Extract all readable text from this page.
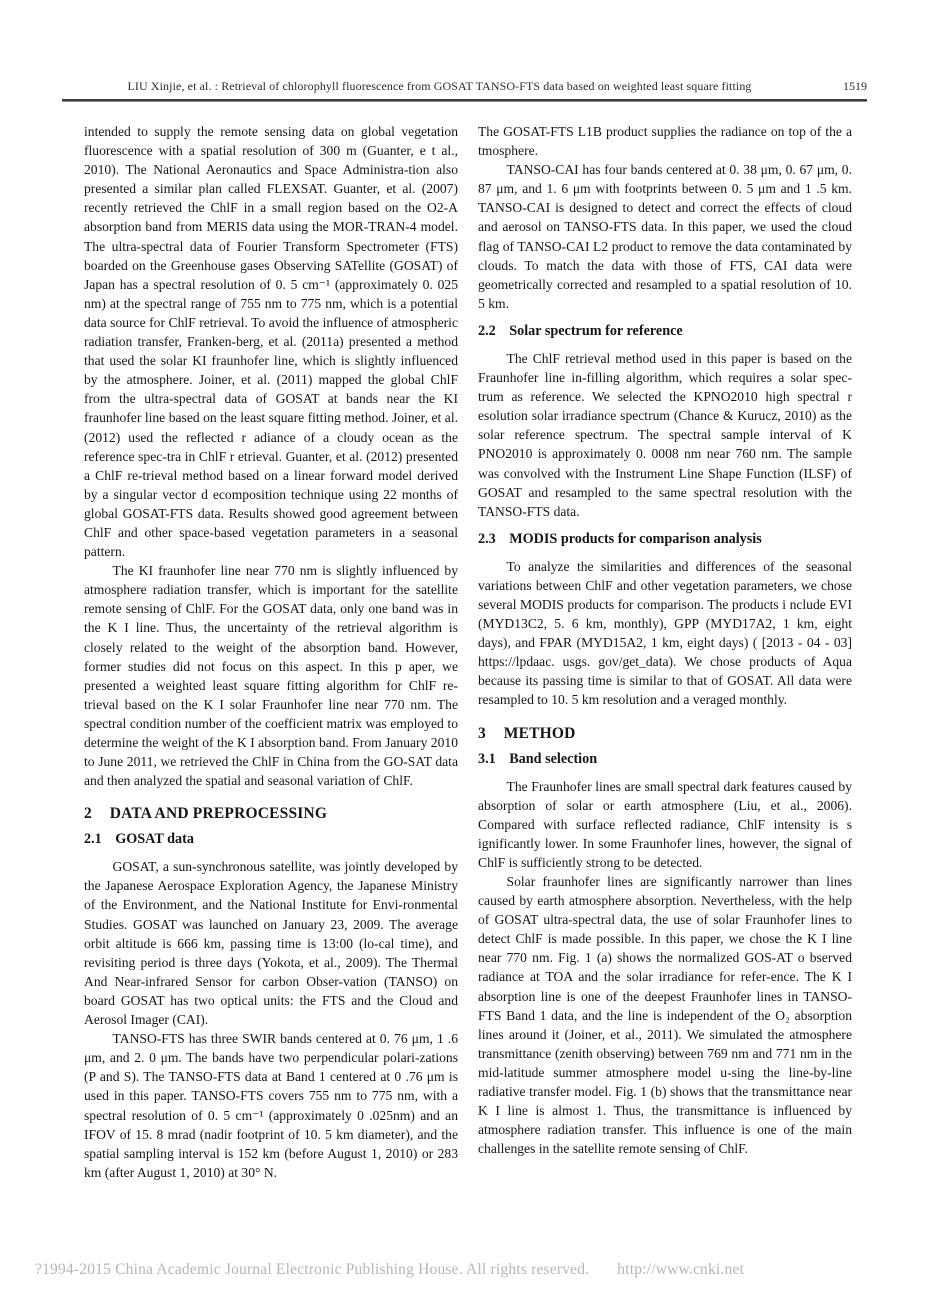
LIU Xinjie, et al. : Retrieval of chlorophyll fluorescence from GOSAT TANSO-FTS data based on weighted least square fitting	1519

intended to supply the remote sensing data on global vegetation fluorescence with a spatial resolution of 300 m (Guanter, e t al., 2010). The National Aeronautics and Space Administra-tion also presented a similar plan called FLEXSAT. Guanter, et al. (2007) recently retrieved the ChlF in a small region based on the O2-A absorption band from MERIS data using the MOR-TRAN-4 model. The ultra-spectral data of Fourier Transform Spectrometer (FTS) boarded on the Greenhouse gases Observing SATellite (GOSAT) of Japan has a spectral resolution of 0. 5 cm⁻¹ (approximately 0. 025 nm) at the spectral range of 755 nm to 775 nm, which is a potential data source for ChlF retrieval. To avoid the influence of atmospheric radiation transfer, Franken-berg, et al. (2011a) presented a method that used the solar KI fraunhofer line, which is slightly influenced by the atmosphere. Joiner, et al. (2011) mapped the global ChlF from the ultra-spectral data of GOSAT at bands near the KI fraunhofer line based on the least square fitting method. Joiner, et al. (2012) used the reflected r adiance of a cloudy ocean as the reference spec-tra in ChlF r etrieval. Guanter, et al. (2012) presented a ChlF re-trieval method based on a linear forward model derived by a singular vector d ecomposition technique using 22 months of global GOSAT-FTS data. Results showed good agreement between ChlF and other space-based vegetation parameters in a seasonal pattern.

The KI fraunhofer line near 770 nm is slightly influenced by atmosphere radiation transfer, which is important for the satellite remote sensing of ChlF. For the GOSAT data, only one band was in the K I line. Thus, the uncertainty of the retrieval algorithm is closely related to the weight of the absorption band. However, former studies did not focus on this aspect. In this p aper, we presented a weighted least square fitting algorithm for ChlF re-trieval based on the K I solar Fraunhofer line near 770 nm. The spectral condition number of the coefficient matrix was employed to determine the weight of the K I absorption band. From January 2010 to June 2011, we retrieved the ChlF in China from the GO-SAT data and then analyzed the spatial and seasonal variation of ChlF.

2 DATA AND PREPROCESSING
2.1 GOSAT data

GOSAT, a sun-synchronous satellite, was jointly developed by the Japanese Aerospace Exploration Agency, the Japanese Ministry of the Environment, and the National Institute for Envi-ronmental Studies. GOSAT was launched on January 23, 2009. The average orbit altitude is 666 km, passing time is 13:00 (lo-cal time), and revisiting period is three days (Yokota, et al., 2009). The Thermal And Near-infrared Sensor for carbon Obser-vation (TANSO) on board GOSAT has two optical units: the FTS and the Cloud and Aerosol Imager (CAI).

TANSO-FTS has three SWIR bands centered at 0. 76 μm, 1 .6 μm, and 2. 0 μm. The bands have two perpendicular polari-zations (P and S). The TANSO-FTS data at Band 1 centered at 0 .76 μm is used in this paper. TANSO-FTS covers 755 nm to 775 nm, with a spectral resolution of 0. 5 cm⁻¹ (approximately 0 .025nm) and an IFOV of 15. 8 mrad (nadir footprint of 10. 5 km diameter), and the spatial sampling interval is 152 km (before August 1, 2010) or 283 km (after August 1, 2010) at 30° N.

The GOSAT-FTS L1B product supplies the radiance on top of the a tmosphere.

TANSO-CAI has four bands centered at 0. 38 μm, 0. 67 μm, 0. 87 μm, and 1. 6 μm with footprints between 0. 5 μm and 1 .5 km. TANSO-CAI is designed to detect and correct the effects of cloud and aerosol on TANSO-FTS data. In this paper, we used the cloud flag of TANSO-CAI L2 product to remove the data contaminated by clouds. To match the data with those of FTS, CAI data were geometrically corrected and resampled to a spatial resolution of 10. 5 km.

2.2 Solar spectrum for reference

The ChlF retrieval method used in this paper is based on the Fraunhofer line in-filling algorithm, which requires a solar spec-trum as reference. We selected the KPNO2010 high spectral r esolution solar irradiance spectrum (Chance & Kurucz, 2010) as the solar reference spectrum. The spectral sample interval of K PNO2010 is approximately 0. 0008 nm near 760 nm. The sample was convolved with the Instrument Line Shape Function (ILSF) of GOSAT and resampled to the same spectral resolution with the TANSO-FTS data.

2.3 MODIS products for comparison analysis

To analyze the similarities and differences of the seasonal variations between ChlF and other vegetation parameters, we chose several MODIS products for comparison. The products i nclude EVI (MYD13C2, 5. 6 km, monthly), GPP (MYD17A2, 1 km, eight days), and FPAR (MYD15A2, 1 km, eight days) ( [2013 - 04 - 03] https://lpdaac. usgs. gov/get_data). We chose products of Aqua because its passing time is similar to that of GOSAT. All data were resampled to 10. 5 km resolution and a veraged monthly.

3 METHOD
3.1 Band selection

The Fraunhofer lines are small spectral dark features caused by absorption of solar or earth atmosphere (Liu, et al., 2006). Compared with surface reflected radiance, ChlF intensity is s ignificantly lower. In some Fraunhofer lines, however, the signal of ChlF is sufficiently strong to be detected.

Solar fraunhofer lines are significantly narrower than lines caused by earth atmosphere absorption. Nevertheless, with the help of GOSAT ultra-spectral data, the use of solar Fraunhofer lines to detect ChlF is made possible. In this paper, we chose the K I line near 770 nm. Fig. 1 (a) shows the normalized GOS-AT o bserved radiance at TOA and the solar irradiance for refer-ence. The K I absorption line is one of the deepest Fraunhofer lines in TANSO-FTS Band 1 data, and the line is independent of the O₂ absorption lines around it (Joiner, et al., 2011). We simulated the atmosphere transmittance (zenith observing) between 769 nm and 771 nm in the mid-latitude summer atmosphere model u-sing the line-by-line radiative transfer model. Fig. 1 (b) shows that the transmittance near K I line is almost 1. Thus, the transmittance is influenced by atmosphere radiation transfer. This influence is one of the main challenges in the satellite remote sensing of ChlF.

?1994-2015 China Academic Journal Electronic Publishing House. All rights reserved. http://www.cnki.net
